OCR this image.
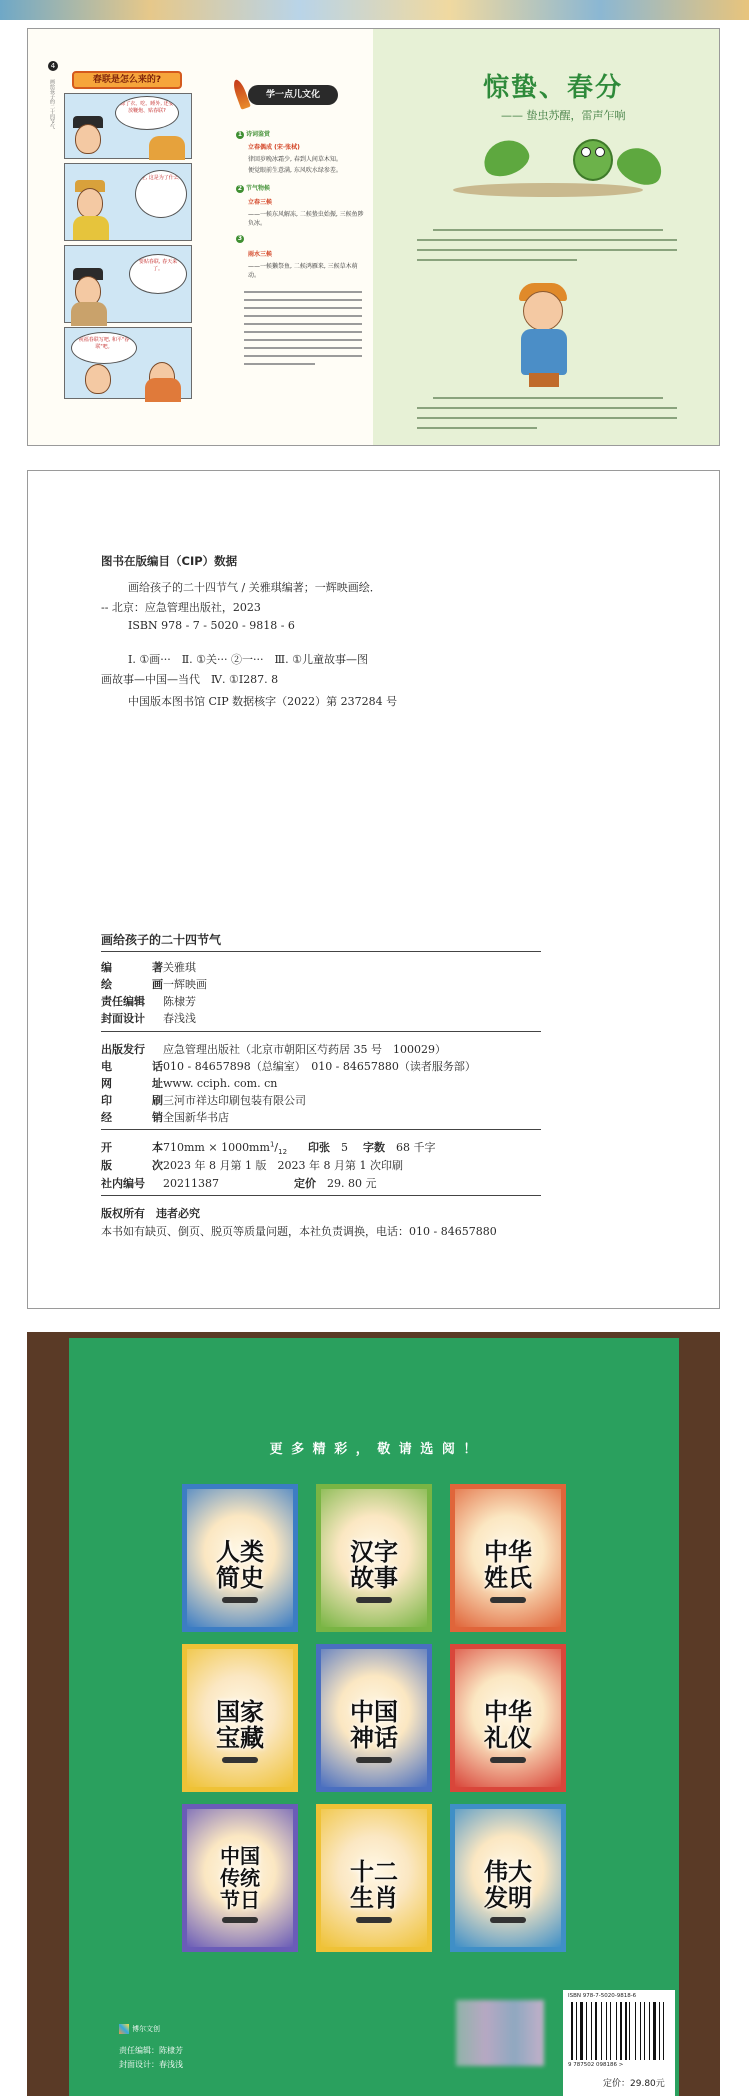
4
画给孩子的二十四节气	春联是怎么来的?
除了衣、吃、睡外, 还要放鞭炮、贴春联?
哇, 这是为了什么?
要贴春联, 春天来了。
祝福春联写吧, 和平"春联"吧。
学一点儿文化
1 诗词鉴赏
立春偶成 (宋·张栻)
律回岁晚冰霜少, 春到人间草木知。
便觉眼前生意满, 东风吹水绿参差。
2 节气物候
立春三候
——一候东风解冻, 二候蛰虫始振, 三候鱼陟负冰。
3
雨水三候
——一候獭祭鱼, 二候鸿雁来, 三候草木萌动。
惊蛰、春分
—— 蛰虫苏醒，雷声乍响
图书在版编目（CIP）数据
画给孩子的二十四节气 / 关雅琪编著；一辉映画绘．
-- 北京：应急管理出版社，2023
ISBN 978 - 7 - 5020 - 9818 - 6
Ⅰ. ①画···　Ⅱ. ①关··· ②一···　Ⅲ. ①儿童故事—图
画故事—中国—当代　Ⅳ. ①I287. 8
中国版本图书馆 CIP 数据核字（2022）第 237284 号
画给孩子的二十四节气
编　　著关雅琪
绘　　画一辉映画
责任编辑 陈棣芳
封面设计 春浅浅
出版发行 应急管理出版社（北京市朝阳区芍药居 35 号　100029）
电　　话010 - 84657898（总编室）　010 - 84657880（读者服务部）
网　　址www. cciph. com. cn
印　　刷三河市祥达印刷包装有限公司
经　　销全国新华书店
开　　本$710mm \times 1000mm^1/_{12}$ 印张　 5 字数　 68 千字
版　　次2023 年 8 月第 1 版　2023 年 8 月第 1 次印刷
社内编号 20211387	定价　 29. 80 元
版权所有　违者必究
本书如有缺页、倒页、脱页等质量问题，本社负责调换，电话：010 - 84657880
更 多 精 彩 ， 敬 请 选 阅 ！
人类
简史
汉字
故事
中华
姓氏
国家
宝藏
中国
神话
中华
礼仪
中国
传统
节日
十二
生肖
伟大
发明
ISBN 978-7-5020-9818-6
9 787502 098186 >
定价：29.80元
博尔文创
责任编辑：陈棣芳
封面设计：春浅浅
